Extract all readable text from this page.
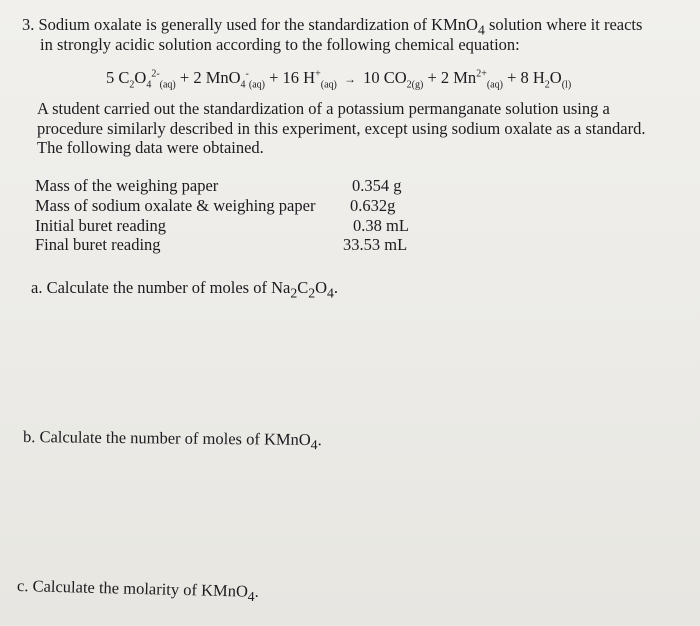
3. Sodium oxalate is generally used for the standardization of KMnO$_4$ solution where it reacts
in strongly acidic solution according to the following chemical equation:
5 $C_2O_4^{2-}_{(aq)} + 2$ MnO$_4$-$_{(aq)}$ + 16 $H^+_{(aq)} \to 10$ $CO_{2(g)} + 2$ $Mn^{2+}_{(aq)} + 8$ $H_2O_{(l)}$
A student carried out the standardization of a potassium permanganate solution using a
procedure similarly described in this experiment, except using sodium oxalate as a standard.
The following data were obtained.
Mass of the weighing paper	0.354 g
Mass of sodium oxalate & weighing paper 0.632g
Initial buret reading	0.38 mL
Final buret reading	33.53 mL
a. Calculate the number of moles of $Na_2C_2O_4$.
b. Calculate the number of moles of KMnO$_4$.
c. Calculate the molarity of KMnO$_4$.
